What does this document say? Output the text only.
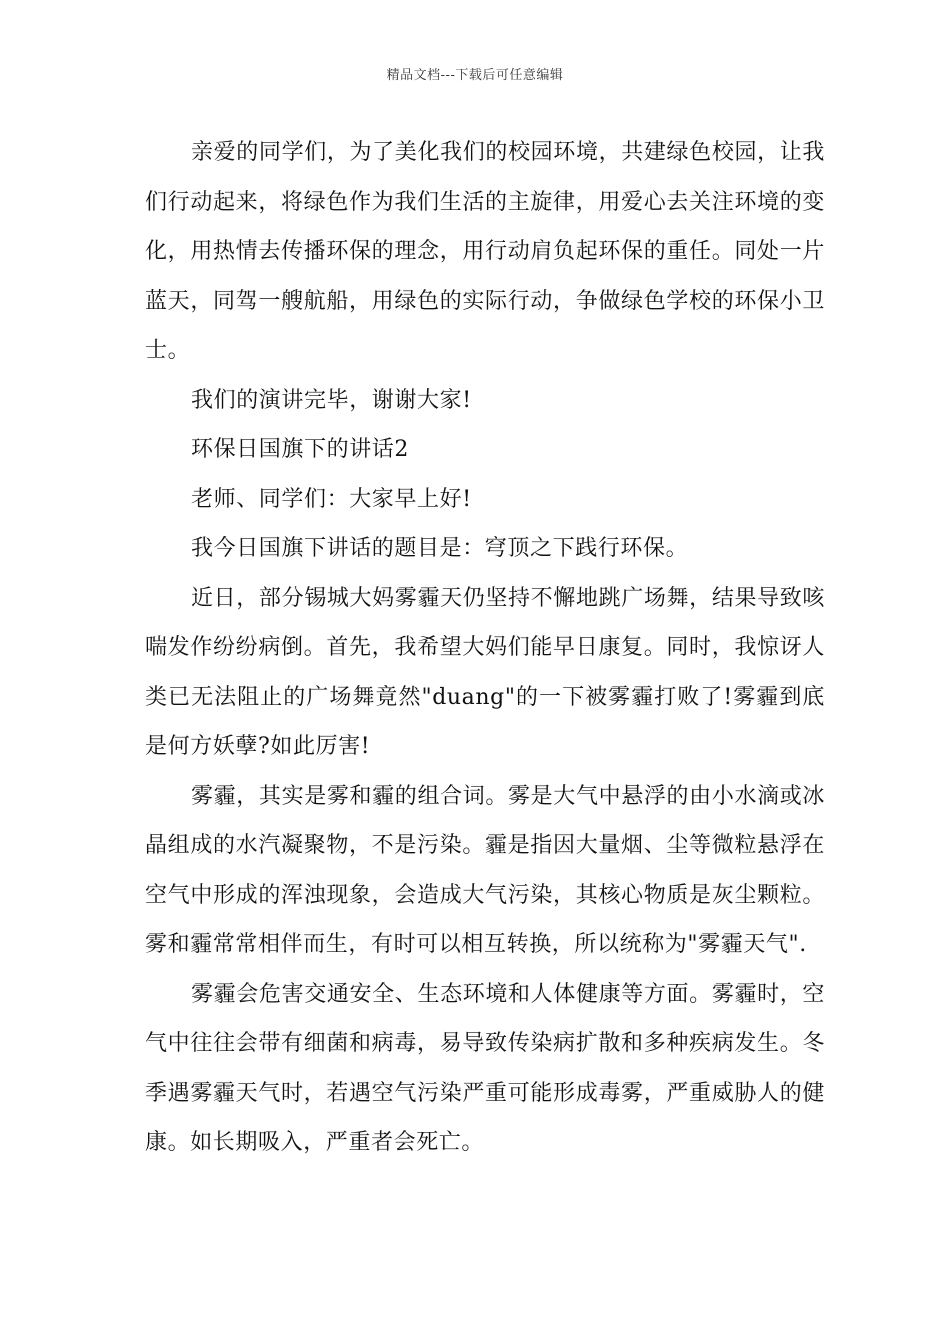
精品文档---下载后可任意编辑

亲爱的同学们，为了美化我们的校园环境，共建绿色校园，让我们行动起来，将绿色作为我们生活的主旋律，用爱心去关注环境的变化，用热情去传播环保的理念，用行动肩负起环保的重任。同处一片蓝天，同驾一艘航船，用绿色的实际行动，争做绿色学校的环保小卫士。

我们的演讲完毕，谢谢大家!

环保日国旗下的讲话2

老师、同学们：大家早上好!

我今日国旗下讲话的题目是：穹顶之下践行环保。

近日，部分锡城大妈雾霾天仍坚持不懈地跳广场舞，结果导致咳喘发作纷纷病倒。首先，我希望大妈们能早日康复。同时，我惊讶人类已无法阻止的广场舞竟然"duang"的一下被雾霾打败了!雾霾到底是何方妖孽?如此厉害!

雾霾，其实是雾和霾的组合词。雾是大气中悬浮的由小水滴或冰晶组成的水汽凝聚物，不是污染。霾是指因大量烟、尘等微粒悬浮在空气中形成的浑浊现象，会造成大气污染，其核心物质是灰尘颗粒。雾和霾常常相伴而生，有时可以相互转换，所以统称为"雾霾天气".

雾霾会危害交通安全、生态环境和人体健康等方面。雾霾时，空气中往往会带有细菌和病毒，易导致传染病扩散和多种疾病发生。冬季遇雾霾天气时，若遇空气污染严重可能形成毒雾，严重威胁人的健康。如长期吸入，严重者会死亡。
